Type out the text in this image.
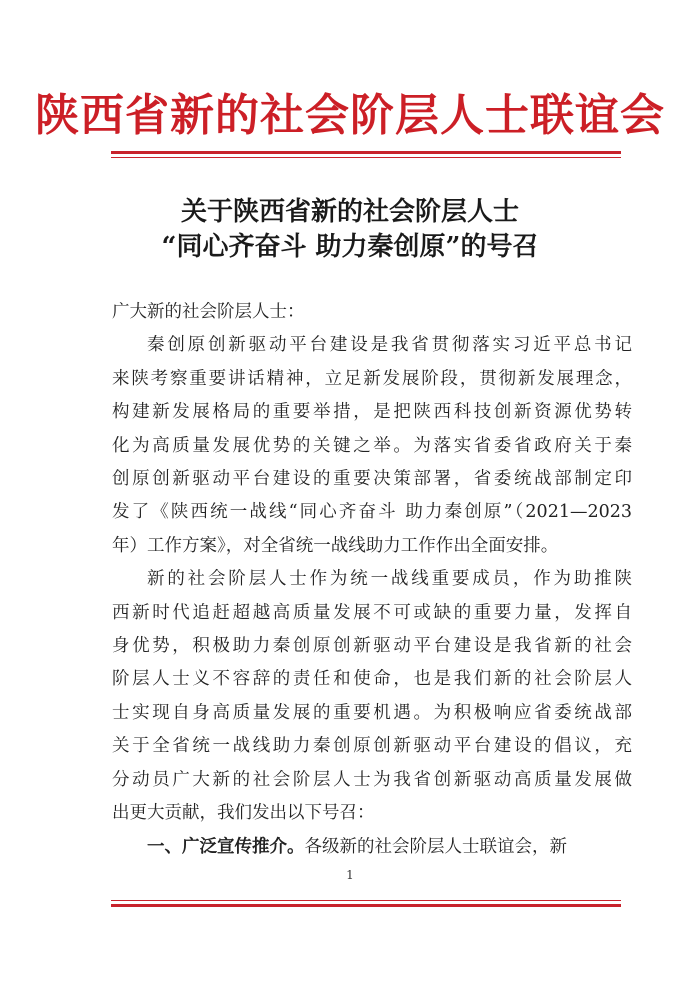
陕西省新的社会阶层人士联谊会
关于陕西省新的社会阶层人士
“同心齐奋斗 助力秦创原”的号召

广大新的社会阶层人士：

秦创原创新驱动平台建设是我省贯彻落实习近平总书记

来陕考察重要讲话精神，立足新发展阶段，贯彻新发展理念，

构建新发展格局的重要举措，是把陕西科技创新资源优势转

化为高质量发展优势的关键之举。为落实省委省政府关于秦

创原创新驱动平台建设的重要决策部署，省委统战部制定印

发了《陕西统一战线“同心齐奋斗 助力秦创原”（2021—2023

年）工作方案》，对全省统一战线助力工作作出全面安排。

新的社会阶层人士作为统一战线重要成员，作为助推陕

西新时代追赶超越高质量发展不可或缺的重要力量，发挥自

身优势，积极助力秦创原创新驱动平台建设是我省新的社会

阶层人士义不容辞的责任和使命，也是我们新的社会阶层人

士实现自身高质量发展的重要机遇。为积极响应省委统战部

关于全省统一战线助力秦创原创新驱动平台建设的倡议，充

分动员广大新的社会阶层人士为我省创新驱动高质量发展做

出更大贡献，我们发出以下号召：

一、广泛宣传推介。各级新的社会阶层人士联谊会，新

1
